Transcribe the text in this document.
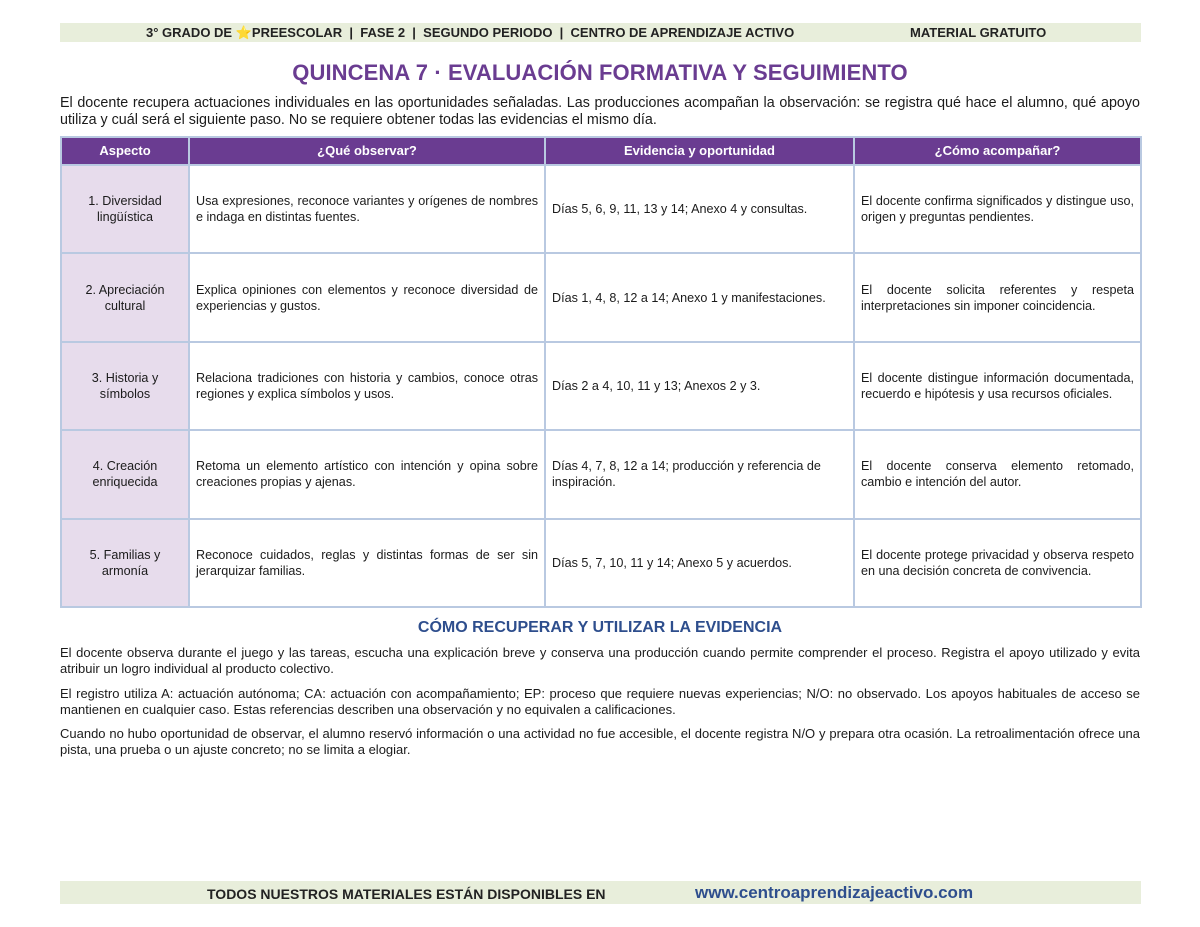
3° GRADO DE ⭐PREESCOLAR  |  FASE 2  |  SEGUNDO PERIODO  |  CENTRO DE APRENDIZAJE ACTIVO	MATERIAL GRATUITO
QUINCENA 7 · EVALUACIÓN FORMATIVA Y SEGUIMIENTO
El docente recupera actuaciones individuales en las oportunidades señaladas. Las producciones acompañan la observación: se registra qué hace el alumno, qué apoyo utiliza y cuál será el siguiente paso. No se requiere obtener todas las evidencias el mismo día.
Aspecto	¿Qué observar?	Evidencia y oportunidad	¿Cómo acompañar?
1. Diversidad lingüística	Usa expresiones, reconoce variantes y orígenes de nombres e indaga en distintas fuentes.	Días 5, 6, 9, 11, 13 y 14; Anexo 4 y consultas.	El docente confirma significados y distingue uso, origen y preguntas pendientes.
2. Apreciación cultural	Explica opiniones con elementos y reconoce diversidad de experiencias y gustos.	Días 1, 4, 8, 12 a 14; Anexo 1 y manifestaciones.	El docente solicita referentes y respeta interpretaciones sin imponer coincidencia.
3. Historia y símbolos	Relaciona tradiciones con historia y cambios, conoce otras regiones y explica símbolos y usos.	Días 2 a 4, 10, 11 y 13; Anexos 2 y 3.	El docente distingue información documentada, recuerdo e hipótesis y usa recursos oficiales.
4. Creación enriquecida	Retoma un elemento artístico con intención y opina sobre creaciones propias y ajenas.	Días 4, 7, 8, 12 a 14; producción y referencia de inspiración.	El docente conserva elemento retomado, cambio e intención del autor.
5. Familias y armonía	Reconoce cuidados, reglas y distintas formas de ser sin jerarquizar familias.	Días 5, 7, 10, 11 y 14; Anexo 5 y acuerdos.	El docente protege privacidad y observa respeto en una decisión concreta de convivencia.
CÓMO RECUPERAR Y UTILIZAR LA EVIDENCIA

El docente observa durante el juego y las tareas, escucha una explicación breve y conserva una producción cuando permite comprender el proceso. Registra el apoyo utilizado y evita atribuir un logro individual al producto colectivo.

El registro utiliza A: actuación autónoma; CA: actuación con acompañamiento; EP: proceso que requiere nuevas experiencias; N/O: no observado. Los apoyos habituales de acceso se mantienen en cualquier caso. Estas referencias describen una observación y no equivalen a calificaciones.

Cuando no hubo oportunidad de observar, el alumno reservó información o una actividad no fue accesible, el docente registra N/O y prepara otra ocasión. La retroalimentación ofrece una pista, una prueba o un ajuste concreto; no se limita a elogiar.

TODOS NUESTROS MATERIALES ESTÁN DISPONIBLES EN	www.centroaprendizajeactivo.com
